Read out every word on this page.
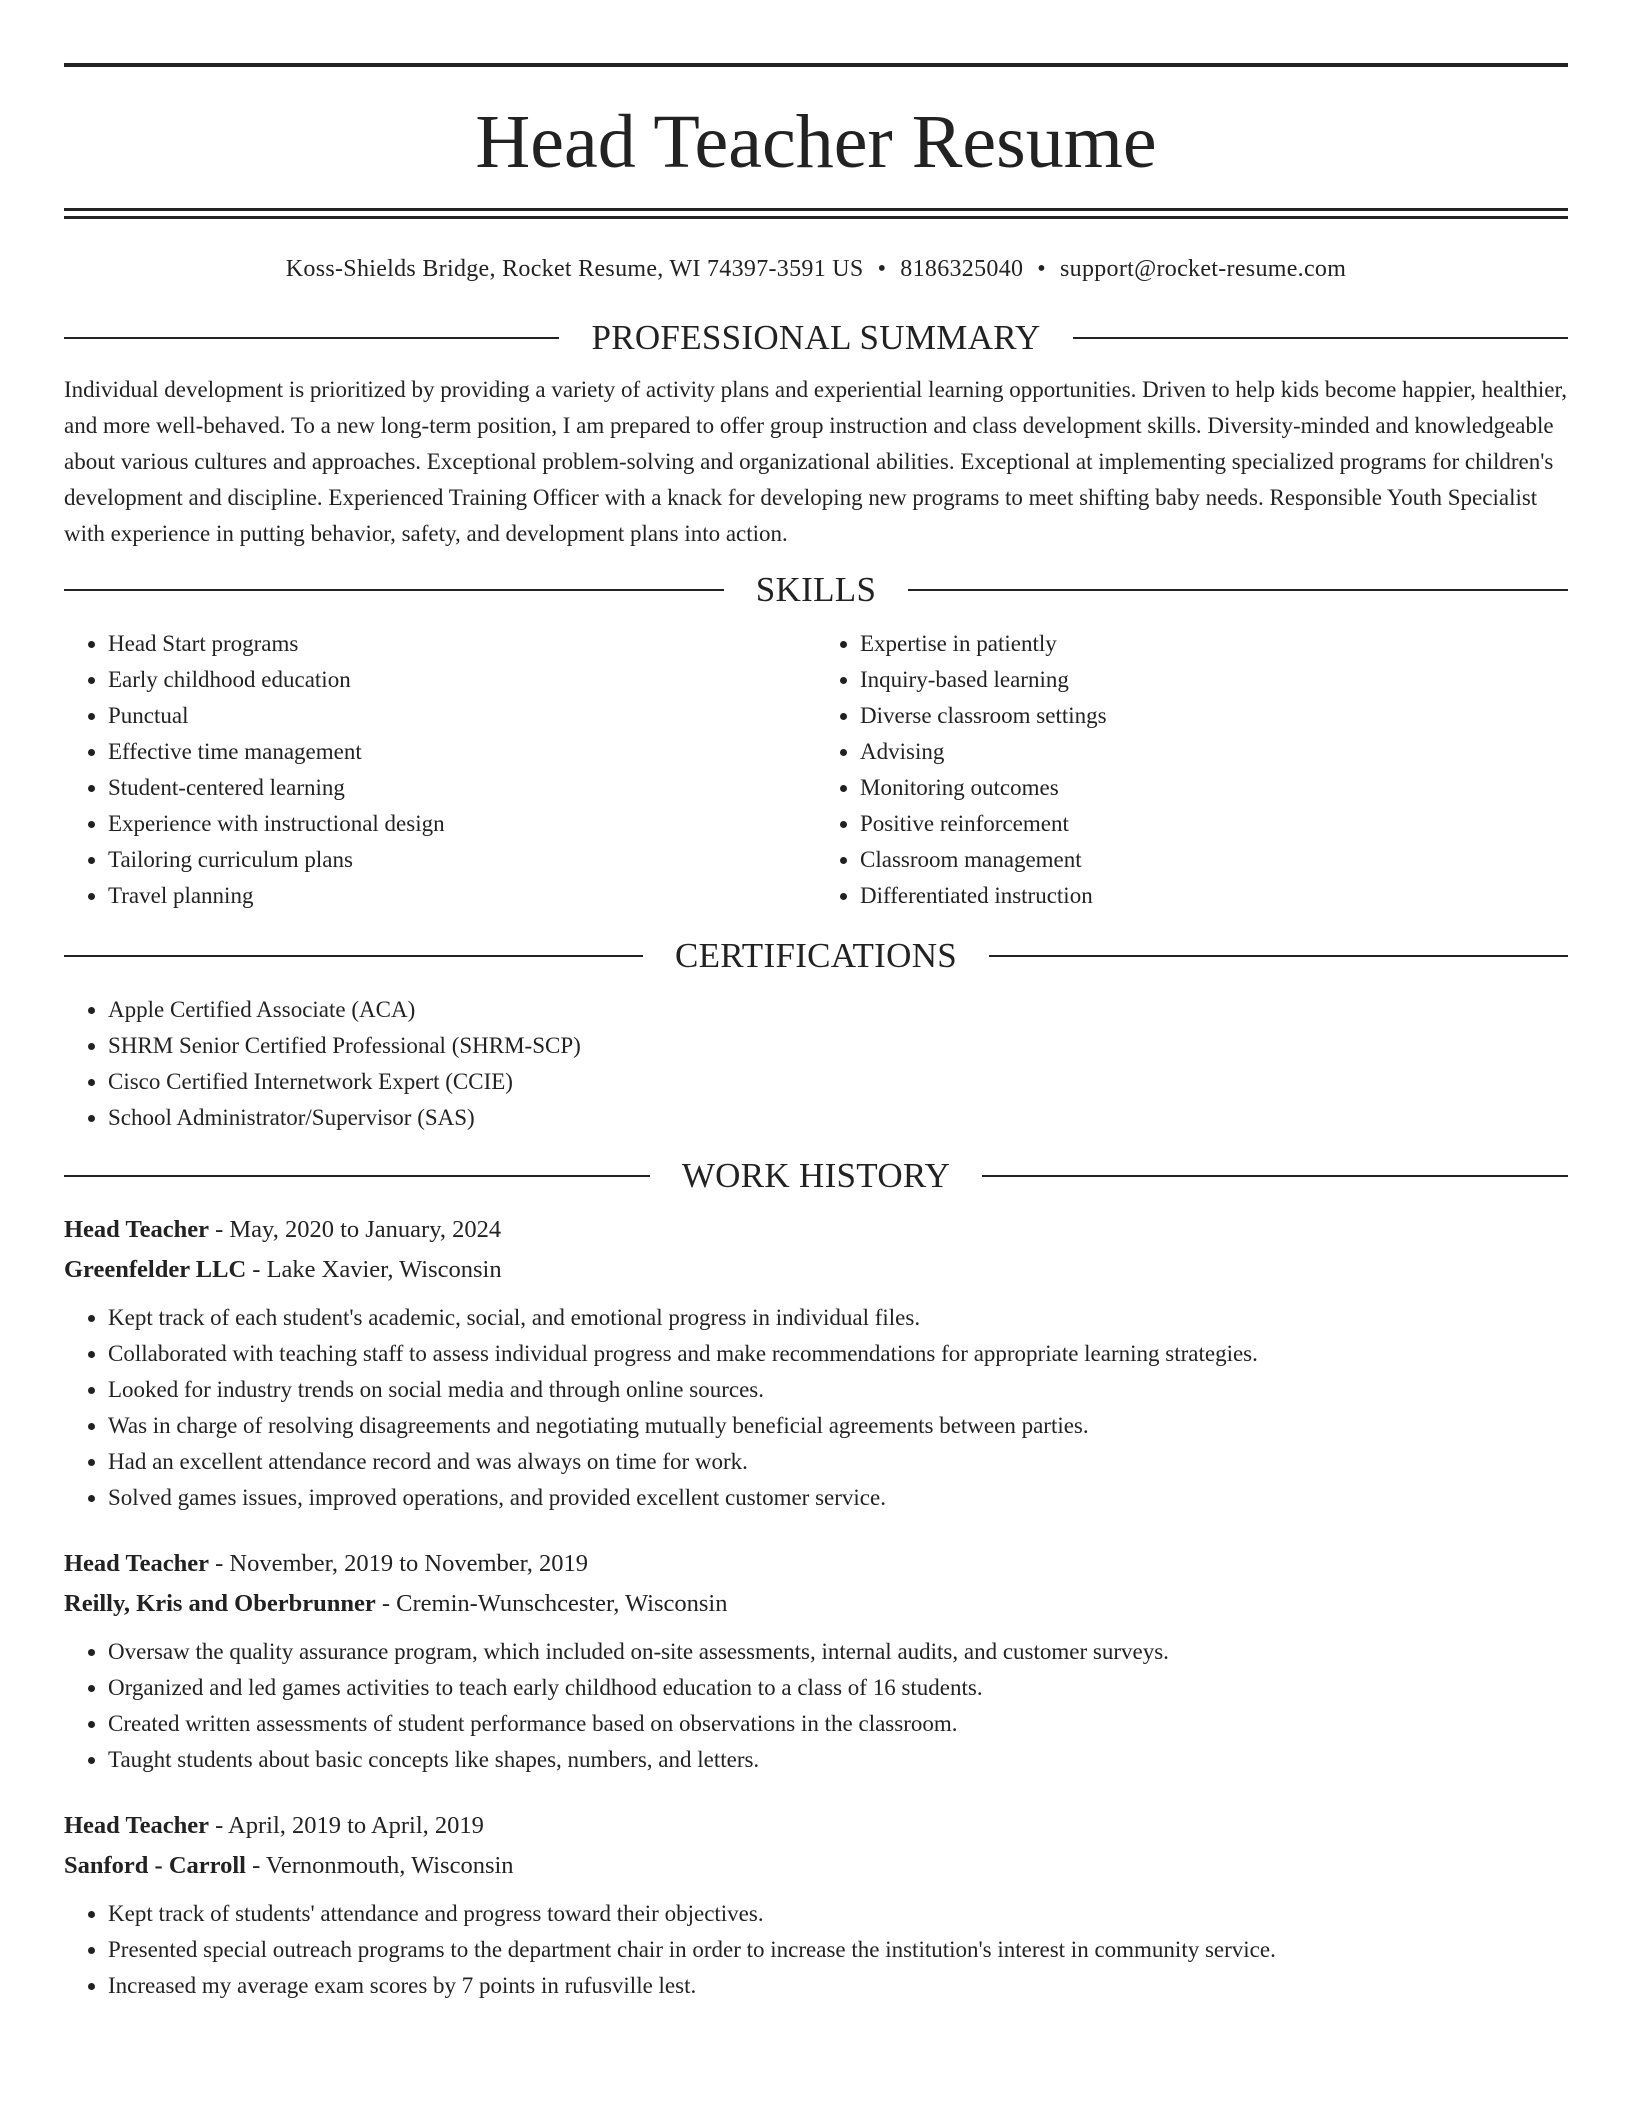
Head Teacher Resume
Koss-Shields Bridge, Rocket Resume, WI 74397-3591 US • 8186325040 • support@rocket-resume.com
PROFESSIONAL SUMMARY

Individual development is prioritized by providing a variety of activity plans and experiential learning opportunities. Driven to help kids become happier, healthier, and more well-behaved. To a new long-term position, I am prepared to offer group instruction and class development skills. Diversity-minded and knowledgeable about various cultures and approaches. Exceptional problem-solving and organizational abilities. Exceptional at implementing specialized programs for children's development and discipline. Experienced Training Officer with a knack for developing new programs to meet shifting baby needs. Responsible Youth Specialist with experience in putting behavior, safety, and development plans into action.

SKILLS
• Head Start programs
• Early childhood education
• Punctual
• Effective time management
• Student-centered learning
• Experience with instructional design
• Tailoring curriculum plans
• Travel planning
• Expertise in patiently
• Inquiry-based learning
• Diverse classroom settings
• Advising
• Monitoring outcomes
• Positive reinforcement
• Classroom management
• Differentiated instruction
CERTIFICATIONS
• Apple Certified Associate (ACA)
• SHRM Senior Certified Professional (SHRM-SCP)
• Cisco Certified Internetwork Expert (CCIE)
• School Administrator/Supervisor (SAS)
WORK HISTORY
Head Teacher - May, 2020 to January, 2024
Greenfelder LLC - Lake Xavier, Wisconsin
• Kept track of each student's academic, social, and emotional progress in individual files.
• Collaborated with teaching staff to assess individual progress and make recommendations for appropriate learning strategies.
• Looked for industry trends on social media and through online sources.
• Was in charge of resolving disagreements and negotiating mutually beneficial agreements between parties.
• Had an excellent attendance record and was always on time for work.
• Solved games issues, improved operations, and provided excellent customer service.
Head Teacher - November, 2019 to November, 2019
Reilly, Kris and Oberbrunner - Cremin-Wunschcester, Wisconsin
• Oversaw the quality assurance program, which included on-site assessments, internal audits, and customer surveys.
• Organized and led games activities to teach early childhood education to a class of 16 students.
• Created written assessments of student performance based on observations in the classroom.
• Taught students about basic concepts like shapes, numbers, and letters.
Head Teacher - April, 2019 to April, 2019
Sanford - Carroll - Vernonmouth, Wisconsin
• Kept track of students' attendance and progress toward their objectives.
• Presented special outreach programs to the department chair in order to increase the institution's interest in community service.
• Increased my average exam scores by 7 points in rufusville lest.
